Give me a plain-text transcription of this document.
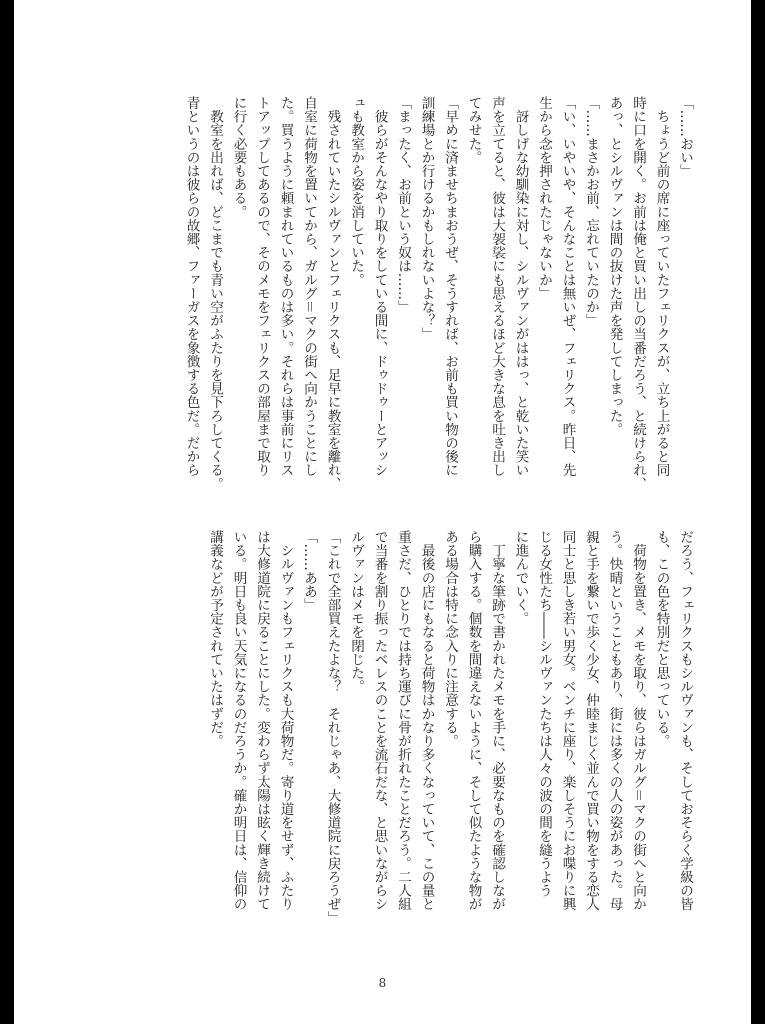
「……おい」
　ちょうど前の席に座っていたフェリクスが、立ち上がると同
時に口を開く。お前は俺と買い出しの当番だろう、と続けられ、
あっ、とシルヴァンは間の抜けた声を発してしまった。
「……まさかお前、忘れていたのか」
「い、いやいや、そんなことは無いぜ、フェリクス。昨日、先
生から念を押されたじゃないか」
　訝しげな幼馴染に対し、シルヴァンがははっ、と乾いた笑い
声を立てると、彼は大袈裟にも思えるほど大きな息を吐き出し
てみせた。
「早めに済ませちまおうぜ、そうすれば、お前も買い物の後に
訓練場とか行けるかもしれないよな？」
「まったく、お前という奴は……」
　彼らがそんなやり取りをしている間に、ドゥドゥーとアッシ
ュも教室から姿を消していた。
　残されていたシルヴァンとフェリクスも、足早に教室を離れ、
自室に荷物を置いてから、ガルグ＝マクの街へ向かうことにし
た。買うように頼まれているものは多い。それらは事前にリス
トアップしてあるので、そのメモをフェリクスの部屋まで取り
に行く必要もある。
　教室を出れば、どこまでも青い空がふたりを見下ろしてくる。
青というのは彼らの故郷、ファーガスを象徴する色だ。だから
だろう、フェリクスもシルヴァンも、そしておそらく学級の皆
も、この色を特別だと思っている。
　荷物を置き、メモを取り、彼らはガルグ＝マクの街へと向か
う。快晴ということもあり、街には多くの人の姿があった。母
親と手を繋いで歩く少女、仲睦まじく並んで買い物をする恋人
同士と思しき若い男女。ベンチに座り、楽しそうにお喋りに興
じる女性たち――シルヴァンたちは人々の波の間を縫うよう
に進んでいく。
　丁寧な筆跡で書かれたメモを手に、必要なものを確認しなが
ら購入する。個数を間違えないように、そして似たような物が
ある場合は特に念入りに注意する。
　最後の店にもなると荷物はかなり多くなっていて、この量と
重さだ、ひとりでは持ち運びに骨が折れたことだろう。二人組
で当番を割り振ったベレスのことを流石だな、と思いながらシ
ルヴァンはメモを閉じた。
「これで全部買えたよな？　それじゃあ、大修道院に戻ろうぜ」
「……ああ」
　シルヴァンもフェリクスも大荷物だ。寄り道をせず、ふたり
は大修道院に戻ることにした。変わらず太陽は眩く輝き続けて
いる。明日も良い天気になるのだろうか。確か明日は、信仰の
講義などが予定されていたはずだ。
8
